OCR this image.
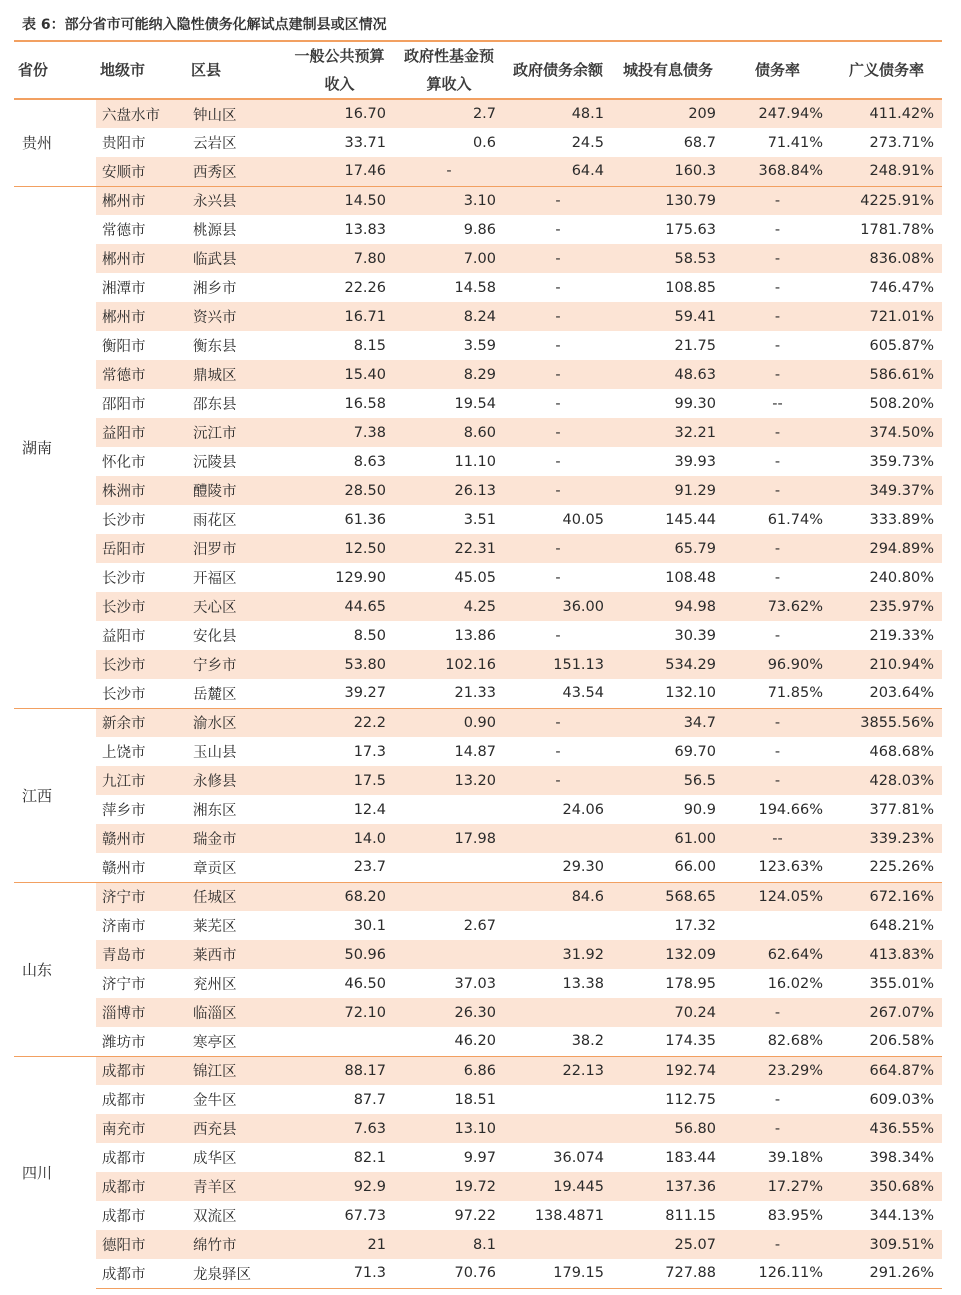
表 6：部分省市可能纳入隐性债务化解试点建制县或区情况
省份	地级市	区县	一般公共预算收入	政府性基金预算收入	政府债务余额	城投有息债务	债务率	广义债务率
贵州	六盘水市	钟山区	16.70	2.7	48.1	209	247.94%	411.42%
	贵阳市	云岩区	33.71	0.6	24.5	68.7	71.41%	273.71%
	安顺市	西秀区	17.46	-	64.4	160.3	368.84%	248.91%
湖南	郴州市	永兴县	14.50	3.10	-	130.79	-	4225.91%
	常德市	桃源县	13.83	9.86	-	175.63	-	1781.78%
	郴州市	临武县	7.80	7.00	-	58.53	-	836.08%
	湘潭市	湘乡市	22.26	14.58	-	108.85	-	746.47%
	郴州市	资兴市	16.71	8.24	-	59.41	-	721.01%
	衡阳市	衡东县	8.15	3.59	-	21.75	-	605.87%
	常德市	鼎城区	15.40	8.29	-	48.63	-	586.61%
	邵阳市	邵东县	16.58	19.54	-	99.30	--	508.20%
	益阳市	沅江市	7.38	8.60	-	32.21	-	374.50%
	怀化市	沅陵县	8.63	11.10	-	39.93	-	359.73%
	株洲市	醴陵市	28.50	26.13	-	91.29	-	349.37%
	长沙市	雨花区	61.36	3.51	40.05	145.44	61.74%	333.89%
	岳阳市	汨罗市	12.50	22.31	-	65.79	-	294.89%
	长沙市	开福区	129.90	45.05	-	108.48	-	240.80%
	长沙市	天心区	44.65	4.25	36.00	94.98	73.62%	235.97%
	益阳市	安化县	8.50	13.86	-	30.39	-	219.33%
	长沙市	宁乡市	53.80	102.16	151.13	534.29	96.90%	210.94%
	长沙市	岳麓区	39.27	21.33	43.54	132.10	71.85%	203.64%
江西	新余市	渝水区	22.2	0.90	-	34.7	-	3855.56%
	上饶市	玉山县	17.3	14.87	-	69.70	-	468.68%
	九江市	永修县	17.5	13.20	-	56.5	-	428.03%
	萍乡市	湘东区	12.4		24.06	90.9	194.66%	377.81%
	赣州市	瑞金市	14.0	17.98		61.00	--	339.23%
	赣州市	章贡区	23.7		29.30	66.00	123.63%	225.26%
山东	济宁市	任城区	68.20		84.6	568.65	124.05%	672.16%
	济南市	莱芜区	30.1	2.67		17.32		648.21%
	青岛市	莱西市	50.96		31.92	132.09	62.64%	413.83%
	济宁市	兖州区	46.50	37.03	13.38	178.95	16.02%	355.01%
	淄博市	临淄区	72.10	26.30		70.24	-	267.07%
	潍坊市	寒亭区		46.20	38.2	174.35	82.68%	206.58%
四川	成都市	锦江区	88.17	6.86	22.13	192.74	23.29%	664.87%
	成都市	金牛区	87.7	18.51		112.75	-	609.03%
	南充市	西充县	7.63	13.10		56.80	-	436.55%
	成都市	成华区	82.1	9.97	36.074	183.44	39.18%	398.34%
	成都市	青羊区	92.9	19.72	19.445	137.36	17.27%	350.68%
	成都市	双流区	67.73	97.22	138.4871	811.15	83.95%	344.13%
	德阳市	绵竹市	21	8.1		25.07	-	309.51%
	成都市	龙泉驿区	71.3	70.76	179.15	727.88	126.11%	291.26%
